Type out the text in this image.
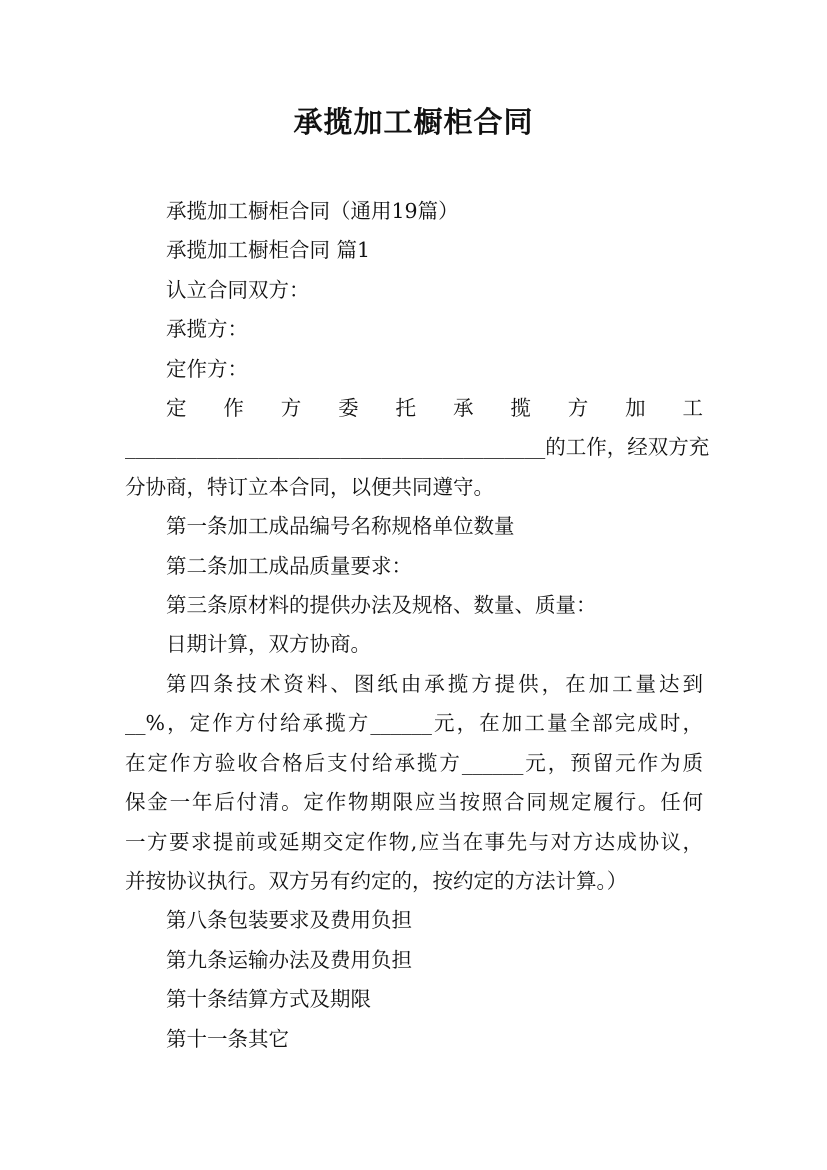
承揽加工橱柜合同

承揽加工橱柜合同（通用19篇）

承揽加工橱柜合同 篇1

认立合同双方：

承揽方：

定作方：

定作方委托承揽方加工
_________________________________________的工作，经双方充
分协商，特订立本合同，以便共同遵守。

第一条加工成品编号名称规格单位数量

第二条加工成品质量要求：

第三条原材料的提供办法及规格、数量、质量：

日期计算，双方协商。

第四条技术资料、图纸由承揽方提供，在加工量达到
__%，定作方付给承揽方______元，在加工量全部完成时，
在定作方验收合格后支付给承揽方______元，预留元作为质
保金一年后付清。定作物期限应当按照合同规定履行。任何
一方要求提前或延期交定作物,应当在事先与对方达成协议，
并按协议执行。双方另有约定的，按约定的方法计算。）

第八条包装要求及费用负担

第九条运输办法及费用负担

第十条结算方式及期限

第十一条其它
